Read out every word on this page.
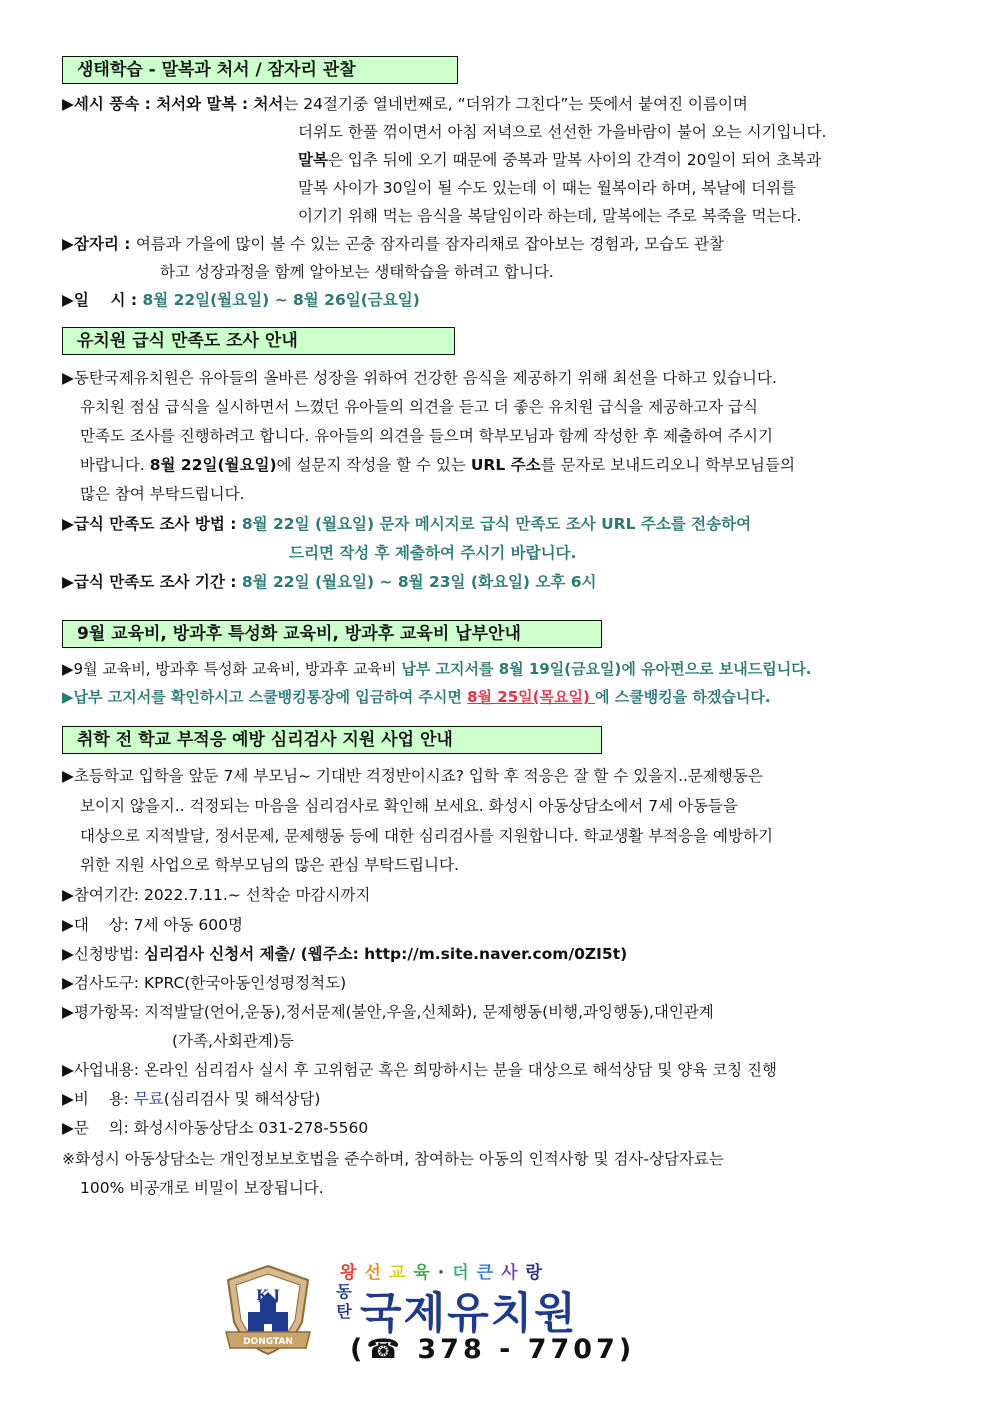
생태학습 - 말복과 처서 / 잠자리 관찰
▶세시 풍속 : 처서와 말복 : 처서는 24절기중 열네번째로, “더위가 그친다”는 뜻에서 붙여진 이름이며
더위도 한풀 꺾이면서 아침 저녁으로 선선한 가을바람이 불어 오는 시기입니다.
말복은 입추 뒤에 오기 때문에 중복과 말복 사이의 간격이 20일이 되어 초복과
말복 사이가 30일이 될 수도 있는데 이 때는 월복이라 하며, 복날에 더위를
이기기 위해 먹는 음식을 복달임이라 하는데, 말복에는 주로 복죽을 먹는다.
▶잠자리 : 여름과 가을에 많이 볼 수 있는 곤충 잠자리를 잠자리채로 잡아보는 경험과, 모습도 관찰
하고 성장과정을 함께 알아보는 생태학습을 하려고 합니다.
▶일    시 : 8월 22일(월요일) ~ 8월 26일(금요일)
유치원 급식 만족도 조사 안내
▶동탄국제유치원은 유아들의 올바른 성장을 위하여 건강한 음식을 제공하기 위해 최선을 다하고 있습니다.
유치원 점심 급식을 실시하면서 느꼈던 유아들의 의견을 듣고 더 좋은 유치원 급식을 제공하고자 급식
만족도 조사를 진행하려고 합니다. 유아들의 의견을 들으며 학부모님과 함께 작성한 후 제출하여 주시기
바랍니다. 8월 22일(월요일)에 설문지 작성을 할 수 있는 URL 주소를 문자로 보내드리오니 학부모님들의
많은 참여 부탁드립니다.
▶급식 만족도 조사 방법 : 8월 22일 (월요일) 문자 메시지로 급식 만족도 조사 URL 주소를 전송하여
드리면 작성 후 제출하여 주시기 바랍니다.
▶급식 만족도 조사 기간 : 8월 22일 (월요일) ~ 8월 23일 (화요일) 오후 6시
9월 교육비, 방과후 특성화 교육비, 방과후 교육비 납부안내
▶9월 교육비, 방과후 특성화 교육비, 방과후 교육비 납부 고지서를 8월 19일(금요일)에 유아편으로 보내드립니다.
▶납부 고지서를 확인하시고 스쿨뱅킹통장에 입금하여 주시면 8월 25일(목요일) 에 스쿨뱅킹을 하겠습니다.
취학 전 학교 부적응 예방 심리검사 지원 사업 안내
▶초등학교 입학을 앞둔 7세 부모님~ 기대반 걱정반이시죠? 입학 후 적응은 잘 할 수 있을지..문제행동은
보이지 않을지.. 걱정되는 마음을 심리검사로 확인해 보세요. 화성시 아동상담소에서 7세 아동들을
대상으로 지적발달, 정서문제, 문제행동 등에 대한 심리검사를 지원합니다. 학교생활 부적응을 예방하기
위한 지원 사업으로 학부모님의 많은 관심 부탁드립니다.
▶참여기간: 2022.7.11.~ 선착순 마감시까지
▶대    상: 7세 아동 600명
▶신청방법: 심리검사 신청서 제출/ (웹주소: http://m.site.naver.com/0ZI5t)
▶검사도구: KPRC(한국아동인성평정척도)
▶평가항목: 지적발달(언어,운동),정서문제(불안,우울,신체화), 문제행동(비행,과잉행동),대인관계
(가족,사회관계)등
▶사업내용: 온라인 심리검사 실시 후 고위험군 혹은 희망하시는 분을 대상으로 해석상담 및 양육 코칭 진행
▶비    용: 무료(심리검사 및 해석상담)
▶문    의: 화성시아동상담소 031-278-5560
※화성시 아동상담소는 개인정보보호법을 준수하며, 참여하는 아동의 인적사항 및 검사-상담자료는
100% 비공개로 비밀이 보장됩니다.
DONGTAN
K J
왕선교육·더큰사랑
동
탄 국제유치원
(☎ 378 - 7707)
